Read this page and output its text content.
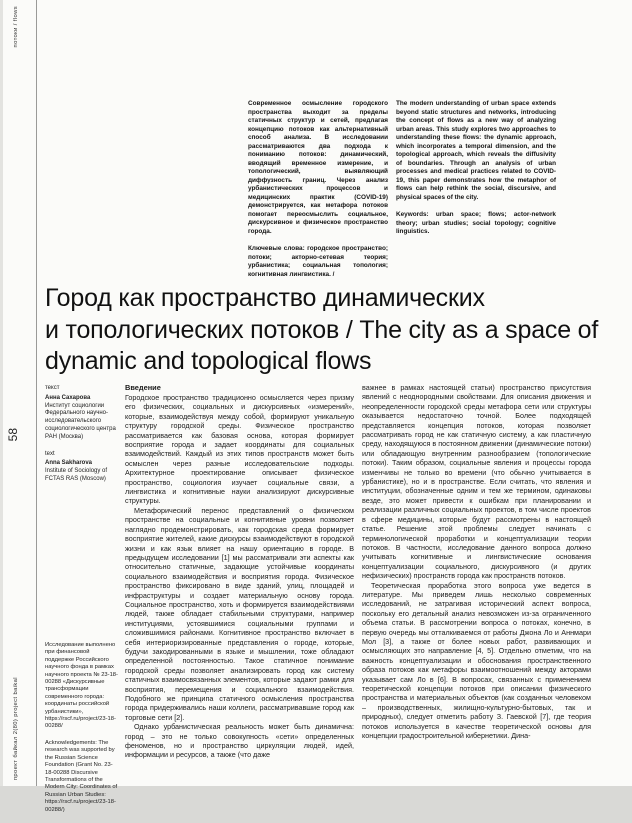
потоки / flows
58
проект байкал 2(80) project baikal

Современное осмысление городского пространства выходит за пределы статичных структур и сетей, предлагая концепцию потоков как альтернативный способ анализа. В исследовании рассматриваются два подхода к пониманию потоков: динамический, вводящий временное измерение, и топологический, выявляющий диффузность границ. Через анализ урбанистических процессов и медицинских практик (COVID-19) демонстрируется, как метафора потоков помогает переосмыслить социальное, дискурсивное и физическое пространство города.

Ключевые слова: городское пространство; потоки; акторно-сетевая теория; урбанистика; социальная топология; когнитивная лингвистика. /

The modern understanding of urban space extends beyond static structures and networks, introducing the concept of flows as a new way of analyzing urban areas. This study explores two approaches to understanding these flows: the dynamic approach, which incorporates a temporal dimension, and the topological approach, which reveals the diffusivity of boundaries. Through an analysis of urban processes and medical practices related to COVID-19, this paper demonstrates how the metaphor of flows can help rethink the social, discursive, and physical spaces of the city.

Keywords: urban space; flows; actor-network theory; urban studies; social topology; cognitive linguistics.

Город как пространство динамических
и топологических потоков / The city as a space of
dynamic and topological flows
текст
Анна Сахарова
Институт социологии Федерального научно-исследовательского социологического центра РАН (Москва)
text
Anna Sakharova
Institute of Sociology of FCTAS RAS (Moscow)
Исследование выполнено при финансовой поддержке Российского научного фонда в рамках научного проекта № 23-18-00288 «Дискурсивные трансформации современного города: координаты российской урбанистики», https://rscf.ru/project/23-18-00288/
Acknowledgements: The research was supported by the Russian Science Foundation (Grant No. 23-18-00288 Discursive Transformations of the Modern City: Coordinates of Russian Urban Studies: https://rscf.ru/project/23-18-00288/)
Введение

Городское пространство традиционно осмысляется через призму его физических, социальных и дискурсивных «измерений», которые, взаимодействуя между собой, формируют уникальную структуру городской среды. Физическое пространство рассматривается как базовая основа, которая формирует восприятие города и задает координаты для социальных взаимодействий. Каждый из этих типов пространств может быть осмыслен через разные исследовательские подходы. Архитектурное проектирование описывает физическое пространство, социология изучает социальные связи, а лингвистика и когнитивные науки анализируют дискурсивные структуры.

Метафорический перенос представлений о физическом пространстве на социальные и когнитивные уровни позволяет наглядно продемонстрировать, как городская среда формирует восприятие жителей, какие дискурсы взаимодействуют в городской жизни и как язык влияет на нашу ориентацию в городе. В предыдущем исследовании [1] мы рассматривали эти аспекты как относительно статичные, задающие устойчивые координаты социального взаимодействия и восприятия города. Физическое пространство фиксировано в виде зданий, улиц, площадей и инфраструктуры и создает материальную основу города. Социальное пространство, хоть и формируется взаимодействиями людей, также обладает стабильными структурами, например институциями, устоявшимися социальными группами и сложившимися районами. Когнитивное пространство включает в себя интериоризированные представления о городе, которые, будучи закодированными в языке и мышлении, тоже обладают определенной постоянностью. Такое статичное понимание городской среды позволяет анализировать город как систему статичных взаимосвязанных элементов, которые задают рамки для восприятия, перемещения и социального взаимодействия. Подобного же принципа статичного осмысления пространства города придерживались наши коллеги, рассматривавшие город как торговые сети [2].

Однако урбанистическая реальность может быть динамична: город – это не только совокупность «сети» определенных феноменов, но и пространство циркуляции людей, идей, информации и ресурсов, а также (что даже

важнее в рамках настоящей статьи) пространство присутствия явлений с неоднородными свойствами. Для описания движения и неопределенности городской среды метафора сети или структуры оказывается недостаточно точной. Более подходящей представляется концепция потоков, которая позволяет рассматривать город не как статичную систему, а как пластичную среду, находящуюся в постоянном движении (динамические потоки) или обладающую внутренним разнообразием (топологические потоки). Таким образом, социальные явления и процессы города изменчивы не только во времени (что обычно учитывается в урбанистике), но и в пространстве. Если считать, что явления и институции, обозначенные одним и тем же термином, одинаковы везде, это может привести к ошибкам при планировании и реализации различных социальных проектов, в том числе проектов в сфере медицины, которые будут рассмотрены в настоящей статье. Решение этой проблемы следует начинать с терминологической проработки и концептуализации теории потоков. В частности, исследование данного вопроса должно учитывать когнитивные и лингвистические основания концептуализации социального, дискурсивного (и других нефизических) пространств города как пространств потоков.

Теоретическая проработка этого вопроса уже ведется в литературе. Мы приведем лишь несколько современных исследований, не затрагивая исторический аспект вопроса, поскольку его детальный анализ невозможен из-за ограниченного объема статьи. В рассмотрении вопроса о потоках, конечно, в первую очередь мы отталкиваемся от работы Джона Ло и Аннмари Мол [3], а также от более новых работ, развивающих и осмысляющих это направление [4, 5]. Отдельно отметим, что на важность концептуализации и обоснования пространственного образа потоков как метафоры взаимоотношений между акторами указывает сам Ло в [6]. В вопросах, связанных с применением теоретической концепции потоков при описании физического пространства и материальных объектов (как созданных человеком – производственных, жилищно-культурно-бытовых, так и природных), следует отметить работу З. Гаевской [7], где теория потоков используется в качестве теоретической основы для концепции градостроительной кибернетики. Дина-
